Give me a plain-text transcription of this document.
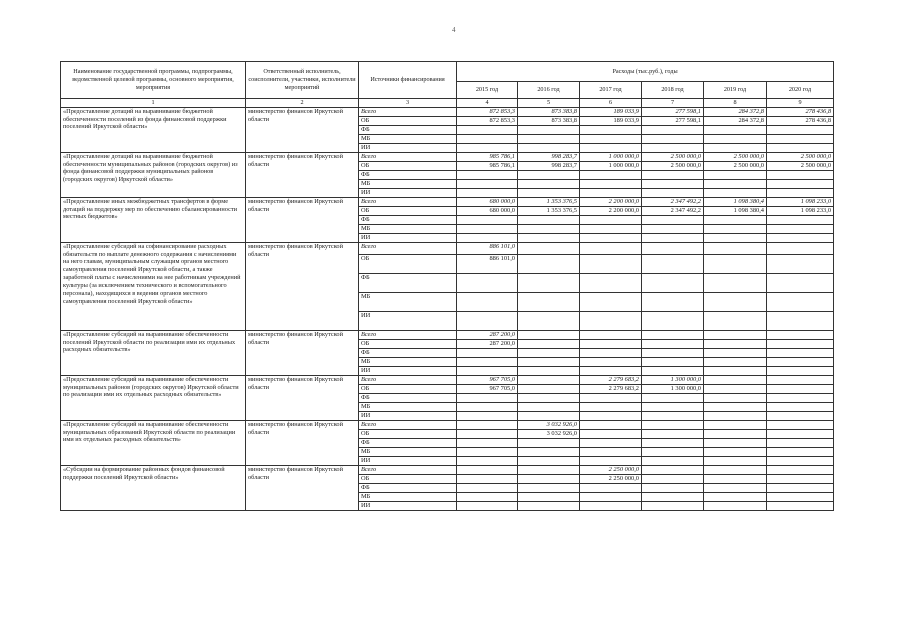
4
Наименование государственной программы, подпрограммы, ведомственной целевой программы, основного мероприятия, мероприятия	Ответственный исполнитель, соисполнители, участники, исполнители мероприятий	Источники финансирования	Расходы (тыс.руб.), годы					
			2015 год	2016 год	2017 год	2018 год	2019 год	2020 год
1	2	3	4	5	6	7	8	9
«Предоставление дотаций на выравнивание бюджетной обеспеченности поселений из фонда финансовой поддержки поселений Иркутской области»	министерство финансов Иркутской области	Всего	872 853,3	873 383,8	189 033,9	277 598,1	284 372,8	278 436,8
		ОБ	872 853,3	873 383,8	189 033,9	277 598,1	284 372,8	278 436,8
		ФБ						
		МБ						
		ИИ						
«Предоставление дотаций на выравнивание бюджетной обеспеченности муниципальных районов (городских округов) из фонда финансовой поддержки муниципальных районов (городских округов) Иркутской области»	министерство финансов Иркутской области	Всего	985 786,1	998 283,7	1 000 000,0	2 500 000,0	2 500 000,0	2 500 000,0
		ОБ	985 786,1	998 283,7	1 000 000,0	2 500 000,0	2 500 000,0	2 500 000,0
		ФБ						
		МБ						
		ИИ						
«Предоставление иных межбюджетных трансфертов в форме дотаций на поддержку мер по обеспечению сбалансированности местных бюджетов»	министерство финансов Иркутской области	Всего	680 000,0	1 353 376,5	2 200 000,0	2 347 492,2	1 098 380,4	1 098 233,0
		ОБ	680 000,0	1 353 376,5	2 200 000,0	2 347 492,2	1 098 380,4	1 098 233,0
		ФБ						
		МБ						
		ИИ						
«Предоставление субсидий на софинансирование расходных обязательств по выплате денежного содержания с начислениями на него главам, муниципальным служащим органов местного самоуправления поселений Иркутской области, а также заработной платы с начислениями на нее работникам учреждений культуры (за исключением технического и вспомогательного персонала), находящихся в ведении органов местного самоуправления поселений Иркутской области»	министерство финансов Иркутской области	Всего	886 101,0					
		ОБ	886 101,0					
		ФБ						
		МБ						
		ИИ						
«Предоставление субсидий на выравнивание обеспеченности поселений Иркутской области по реализации ими их отдельных расходных обязательств»	министерство финансов Иркутской области	Всего	287 200,0					
		ОБ	287 200,0					
		ФБ						
		МБ						
		ИИ						
«Предоставление субсидий на выравнивание обеспеченности муниципальных районов (городских округов) Иркутской области по реализации ими их отдельных расходных обязательств»	министерство финансов Иркутской области	Всего	967 705,0		2 279 683,2	1 300 000,0		
		ОБ	967 705,0		2 279 683,2	1 300 000,0		
		ФБ						
		МБ						
		ИИ						
«Предоставление субсидий на выравнивание обеспеченности муниципальных образований Иркутской области по реализации ими их отдельных расходных обязательств»	министерство финансов Иркутской области	Всего		3 032 926,0				
		ОБ		3 032 926,0				
		ФБ						
		МБ						
		ИИ						
«Субсидии на формирование районных фондов финансовой поддержки поселений Иркутской области»	министерство финансов Иркутской области	Всего			2 250 000,0			
		ОБ			2 250 000,0			
		ФБ						
		МБ						
		ИИ						
